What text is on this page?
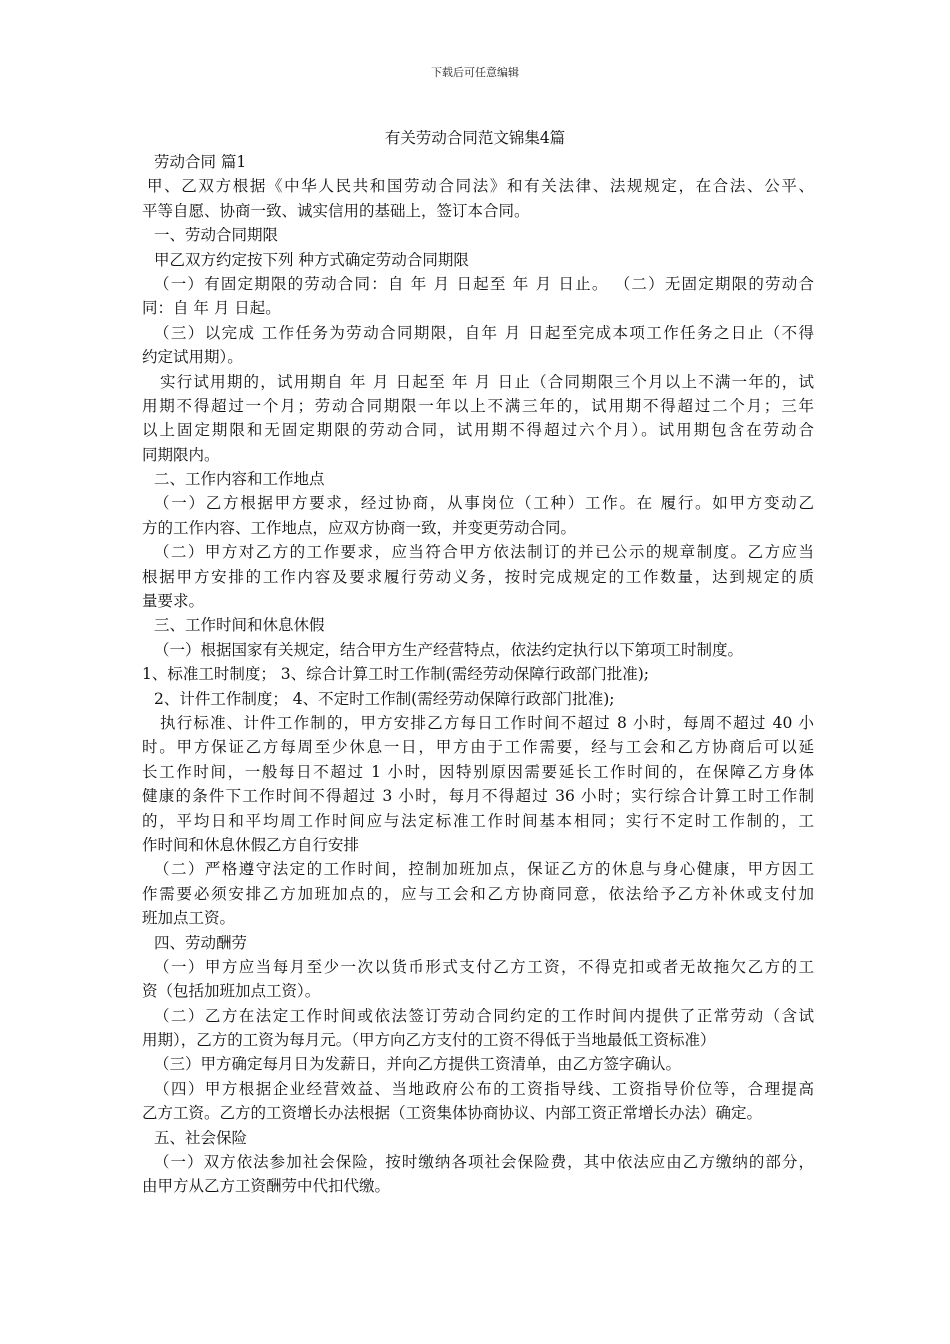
下载后可任意编辑
有关劳动合同范文锦集4篇
劳动合同 篇1
甲、乙双方根据《中华人民共和国劳动合同法》和有关法律、法规规定，在合法、公平、
平等自愿、协商一致、诚实信用的基础上，签订本合同。
一、劳动合同期限
甲乙双方约定按下列 种方式确定劳动合同期限
（一）有固定期限的劳动合同：自 年 月 日起至 年 月 日止。 （二）无固定期限的劳动合
同：自 年 月 日起。
（三）以完成 工作任务为劳动合同期限，自年 月 日起至完成本项工作任务之日止（不得
约定试用期）。
实行试用期的，试用期自 年 月 日起至 年 月 日止（合同期限三个月以上不满一年的，试
用期不得超过一个月；劳动合同期限一年以上不满三年的，试用期不得超过二个月；三年
以上固定期限和无固定期限的劳动合同，试用期不得超过六个月）。试用期包含在劳动合
同期限内。
二、工作内容和工作地点
（一）乙方根据甲方要求，经过协商，从事岗位（工种）工作。在 履行。如甲方变动乙
方的工作内容、工作地点，应双方协商一致，并变更劳动合同。
（二）甲方对乙方的工作要求，应当符合甲方依法制订的并已公示的规章制度。乙方应当
根据甲方安排的工作内容及要求履行劳动义务，按时完成规定的工作数量，达到规定的质
量要求。
三、工作时间和休息休假
（一）根据国家有关规定，结合甲方生产经营特点，依法约定执行以下第项工时制度。
1、标准工时制度； 3、综合计算工时工作制(需经劳动保障行政部门批准);
2、计件工作制度； 4、不定时工作制(需经劳动保障行政部门批准);
执行标准、计件工作制的，甲方安排乙方每日工作时间不超过 8 小时，每周不超过 40 小
时。甲方保证乙方每周至少休息一日，甲方由于工作需要，经与工会和乙方协商后可以延
长工作时间，一般每日不超过 1 小时，因特别原因需要延长工作时间的，在保障乙方身体
健康的条件下工作时间不得超过 3 小时，每月不得超过 36 小时；实行综合计算工时工作制
的，平均日和平均周工作时间应与法定标准工作时间基本相同；实行不定时工作制的，工
作时间和休息休假乙方自行安排
（二）严格遵守法定的工作时间，控制加班加点，保证乙方的休息与身心健康，甲方因工
作需要必须安排乙方加班加点的，应与工会和乙方协商同意，依法给予乙方补休或支付加
班加点工资。
四、劳动酬劳
（一）甲方应当每月至少一次以货币形式支付乙方工资，不得克扣或者无故拖欠乙方的工
资（包括加班加点工资）。
（二）乙方在法定工作时间或依法签订劳动合同约定的工作时间内提供了正常劳动（含试
用期），乙方的工资为每月元。（甲方向乙方支付的工资不得低于当地最低工资标准）
（三）甲方确定每月日为发薪日，并向乙方提供工资清单，由乙方签字确认。
（四）甲方根据企业经营效益、当地政府公布的工资指导线、工资指导价位等，合理提高
乙方工资。乙方的工资增长办法根据（工资集体协商协议、内部工资正常增长办法）确定。
五、社会保险
（一）双方依法参加社会保险，按时缴纳各项社会保险费，其中依法应由乙方缴纳的部分，
由甲方从乙方工资酬劳中代扣代缴。
